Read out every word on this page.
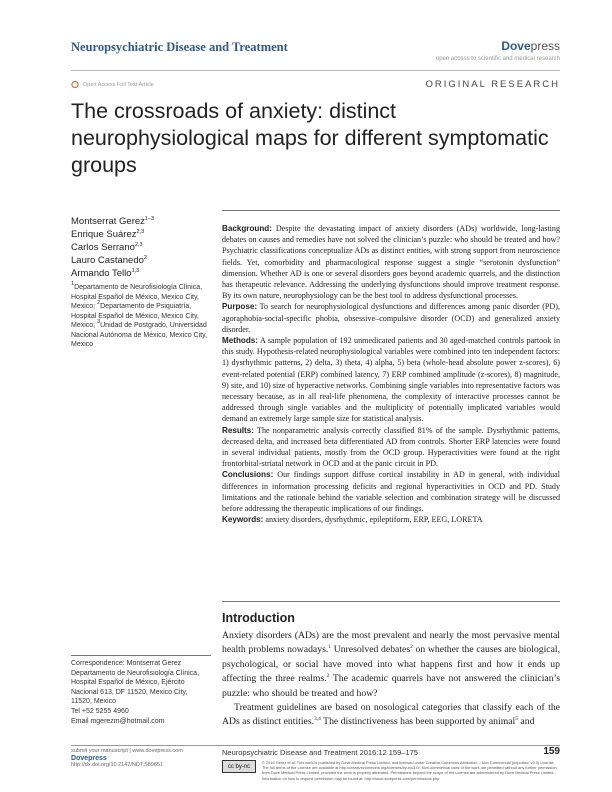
Neuropsychiatric Disease and Treatment	Dovepress
open access to scientific and medical research
ORIGINAL RESEARCH
⭘ Open Access Full Text Article
The crossroads of anxiety: distinct neurophysiological maps for different symptomatic groups
Montserrat Gerez$^{1-3}$
Enrique Suárez$^{2,3}$
Carlos Serrano$^{2,3}$
Lauro Castanedo$^2$
Armando Tello$^{1,3}$
$^1$Departamento de Neurofisiología Clínica, Hospital Español de México, Mexico City, Mexico; $^2$Departamento de Psiquiatría, Hospital Español de México, Mexico City, Mexico; $^3$Unidad de Postgrado, Universidad Nacional Autónoma de México, Mexico City, Mexico

Background: Despite the devastating impact of anxiety disorders (ADs) worldwide, long-lasting debates on causes and remedies have not solved the clinician’s puzzle: who should be treated and how? Psychiatric classifications conceptualize ADs as distinct entities, with strong support from neuroscience fields. Yet, comorbidity and pharmacological response suggest a single “serotonin dysfunction” dimension. Whether AD is one or several disorders goes beyond academic quarrels, and the distinction has therapeutic relevance. Addressing the underlying dysfunctions should improve treatment response. By its own nature, neurophysiology can be the best tool to address dysfunctional processes.

Purpose: To search for neurophysiological dysfunctions and differences among panic disorder (PD), agoraphobia-social-specific phobia, obsessive–compulsive disorder (OCD) and generalized anxiety disorder.

Methods: A sample population of 192 unmedicated patients and 30 aged-matched controls partook in this study. Hypothesis-related neurophysiological variables were combined into ten independent factors: 1) dysrhythmic patterns, 2) delta, 3) theta, 4) alpha, 5) beta (whole-head absolute power z-scores), 6) event-related potential (ERP) combined latency, 7) ERP combined amplitude (z-scores), 8) magnitude, 9) site, and 10) size of hyperactive networks. Combining single variables into representative factors was necessary because, as in all real-life phenomena, the complexity of interactive processes cannot be addressed through single variables and the multiplicity of potentially implicated variables would demand an extremely large sample size for statistical analysis.

Results: The nonparametric analysis correctly classified 81% of the sample. Dysrhythmic patterns, decreased delta, and increased beta differentiated AD from controls. Shorter ERP latencies were found in several individual patients, mostly from the OCD group. Hyperactivities were found at the right frontorbital-striatal network in OCD and at the panic circuit in PD.

Conclusions: Our findings support diffuse cortical instability in AD in general, with individual differences in information processing deficits and regional hyperactivities in OCD and PD. Study limitations and the rationale behind the variable selection and combination strategy will be discussed before addressing the therapeutic implications of our findings.

Keywords: anxiety disorders, dysrhythmic, epileptiform, ERP, EEG, LORETA

Introduction

Anxiety disorders (ADs) are the most prevalent and nearly the most pervasive mental health problems nowadays.$^1$ Unresolved debates$^2$ on whether the causes are biological, psychological, or social have moved into what happens first and how it ends up affecting the three realms.$^2$ The academic quarrels have not answered the clinician’s puzzle: who should be treated and how?

Treatment guidelines are based on nosological categories that classify each of the ADs as distinct entities.$^{3,4}$ The distinctiveness has been supported by animal$^5$ and

Correspondence: Montserrat Gerez
Departamento de Neurofisiología Clínica,
Hospital Español de México, Ejército
Nacional 613, DF 11520, Mexico City,
11520, Mexico
Tel +52 5255 4960
Email mgerezm@hotmail.com
submit your manuscript | www.dovepress.com
Dovepress
http://dx.doi.org/10.2147/NDT.S89651
Neuropsychiatric Disease and Treatment 2016:12 159–175	159
cc by-nc
© 2016 Gerez et al. This work is published by Dove Medical Press Limited, and licensed under Creative Commons Attribution – Non Commercial (unported, v3.0) License. The full terms of the License are available at http://creativecommons.org/licenses/by-nc/3.0/. Non-commercial uses of the work are permitted without any further permission from Dove Medical Press Limited, provided the work is properly attributed. Permissions beyond the scope of the License are administered by Dove Medical Press Limited. Information on how to request permission may be found at: http://www.dovepress.com/permissions.php
